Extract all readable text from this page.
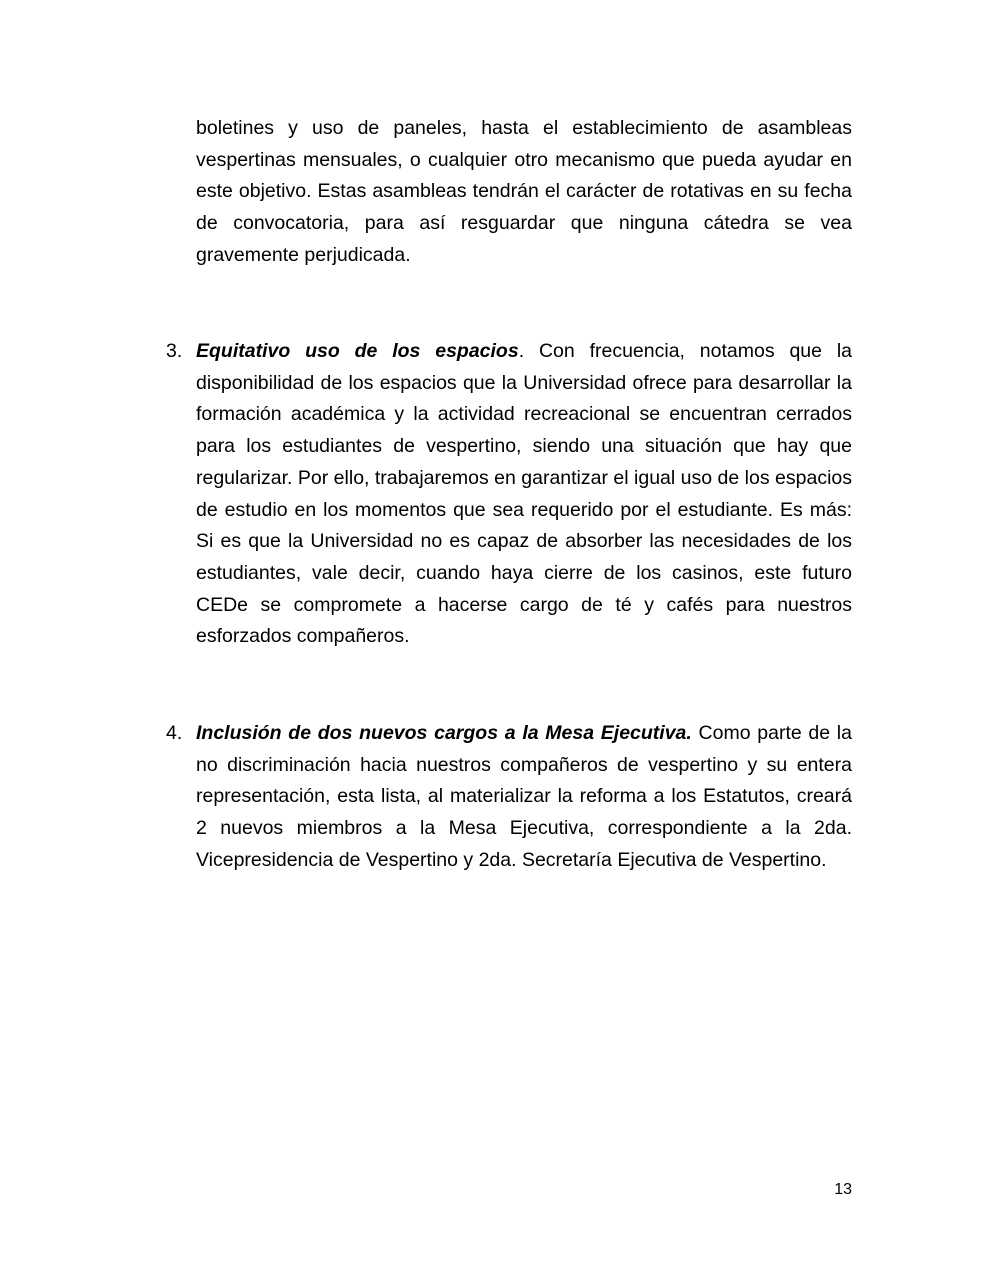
boletines y uso de paneles, hasta el establecimiento de asambleas vespertinas mensuales, o cualquier otro mecanismo que pueda ayudar en este objetivo. Estas asambleas tendrán el carácter de rotativas en su fecha de convocatoria, para así resguardar que ninguna cátedra se vea gravemente perjudicada.

3. Equitativo uso de los espacios. Con frecuencia, notamos que la disponibilidad de los espacios que la Universidad ofrece para desarrollar la formación académica y la actividad recreacional se encuentran cerrados para los estudiantes de vespertino, siendo una situación que hay que regularizar. Por ello, trabajaremos en garantizar el igual uso de los espacios de estudio en los momentos que sea requerido por el estudiante. Es más: Si es que la Universidad no es capaz de absorber las necesidades de los estudiantes, vale decir, cuando haya cierre de los casinos, este futuro CEDe se compromete a hacerse cargo de té y cafés para nuestros esforzados compañeros.

4. Inclusión de dos nuevos cargos a la Mesa Ejecutiva. Como parte de la no discriminación hacia nuestros compañeros de vespertino y su entera representación, esta lista, al materializar la reforma a los Estatutos, creará 2 nuevos miembros a la Mesa Ejecutiva, correspondiente a la 2da. Vicepresidencia de Vespertino y 2da. Secretaría Ejecutiva de Vespertino.

13
